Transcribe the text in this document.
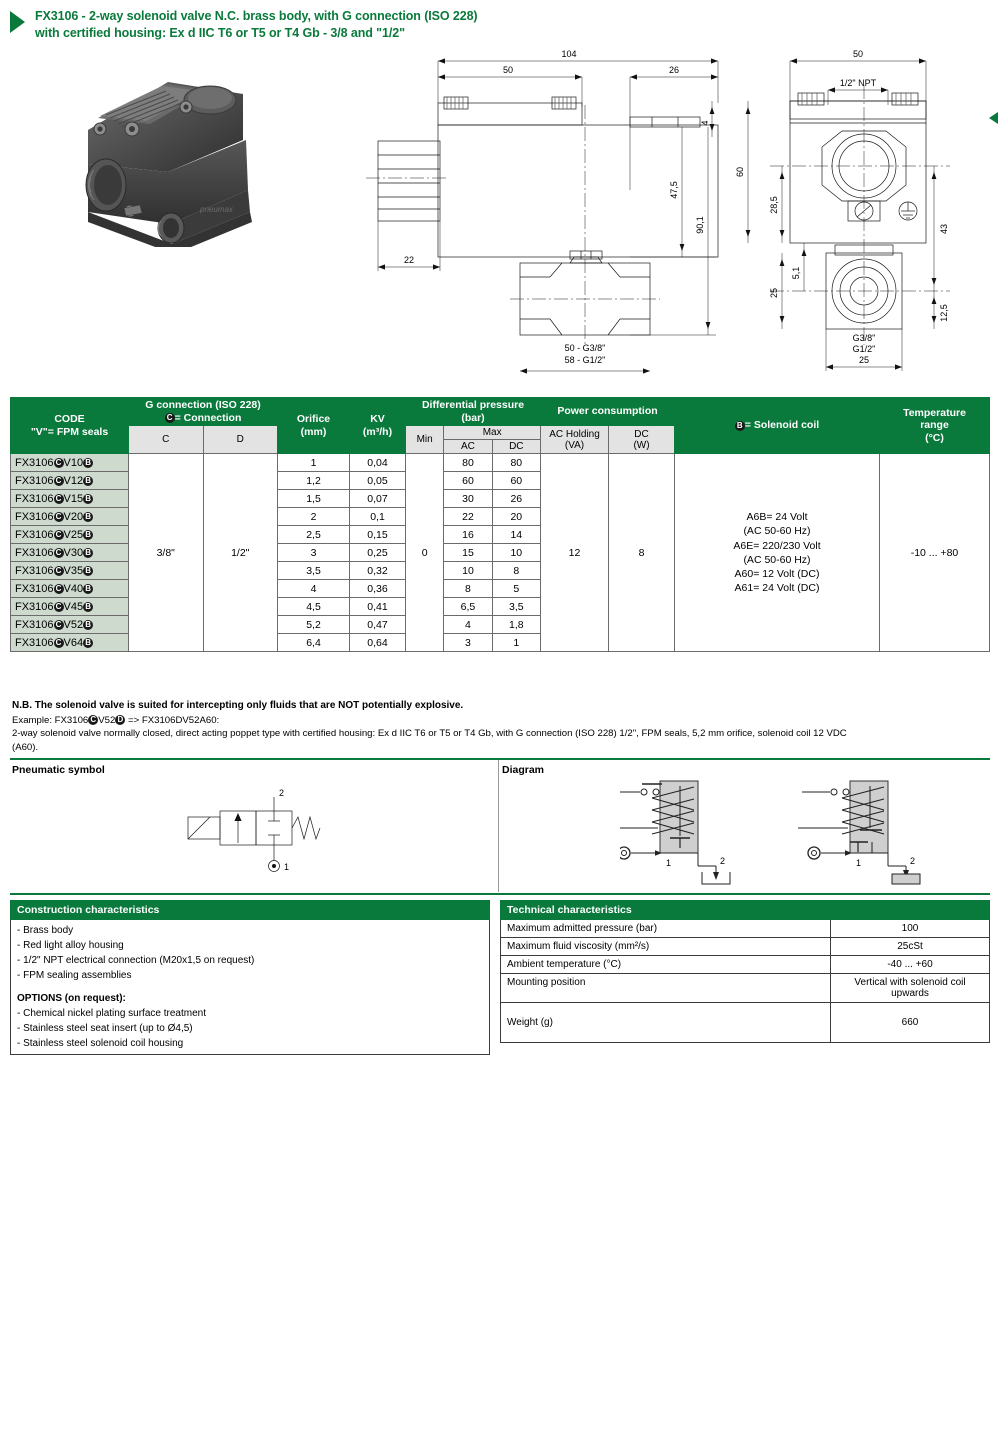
FX3106 - 2-way solenoid valve N.C. brass body, with G connection (ISO 228)
with certified housing: Ex d IIC T6 or T5 or T4 Gb - 3/8 and "1/2"
pneumax
104
50	26
4
22
47,5
90,1
50 - G3/8"
58 - G1/2"
50
1/2" NPT
60
28,5
43
12,5
25
5,1
G3/8"
G1/2"
25
CODE
"V"= FPM seals

G connection (ISO 228)
C = Connection	Orifice
(mm)

KV
(m³/h)

Differential pressure
(bar)
	Power consumption	B = Solenoid coil	
Temperature
range
(°C)

C	D	Min	Max	AC Holding
(VA)

DC
(W)

						AC	DC				
FX3106 C V10 B	3/8"	1/2"	1	0,04	0	80	80	12	8	
A6B= 24 Volt
(AC 50-60 Hz)
A6E= 220/230 Volt
(AC 50-60 Hz)
A60= 12 Volt (DC)
A61= 24 Volt (DC)
	-10 ... +80
FX3106 C V12 B			1,2	0,05		60	60				
FX3106 C V15 B			1,5	0,07		30	26				
FX3106 C V20 B			2	0,1		22	20				
FX3106 C V25 B			2,5	0,15		16	14				
FX3106 C V30 B			3	0,25		15	10				
FX3106 C V35 B			3,5	0,32		10	8				
FX3106 C V40 B			4	0,36		8	5				
FX3106 C V45 B			4,5	0,41		6,5	3,5				
FX3106 C V52 B			5,2	0,47		4	1,8				
FX3106 C V64 B			6,4	0,64		3	1				
N.B. The solenoid valve is suited for intercepting only fluids that are NOT potentially explosive.
Example: FX3106 C V52 D => FX3106DV52A60:
2-way solenoid valve normally closed, direct acting poppet type with certified housing: Ex d IIC T6 or T5 or T4 Gb, with G connection (ISO 228) 1/2", FPM seals, 5,2 mm orifice, solenoid coil 12 VDC
(A60).
Pneumatic symbol
2
1
Diagram
1	2	1	2
Construction characteristics

- Brass body
- Red light alloy housing
- 1/2" NPT electrical connection (M20x1,5 on request)
- FPM sealing assemblies
OPTIONS (on request):
- Chemical nickel plating surface treatment
- Stainless steel seat insert (up to Ø4,5)
- Stainless steel solenoid coil housing
Technical characteristics	
Maximum admitted pressure (bar)	100
Maximum fluid viscosity (mm²/s)	25cSt
Ambient temperature (°C)	-40 ... +60
Mounting position	Vertical with solenoid coil upwards
Weight (g)	660
